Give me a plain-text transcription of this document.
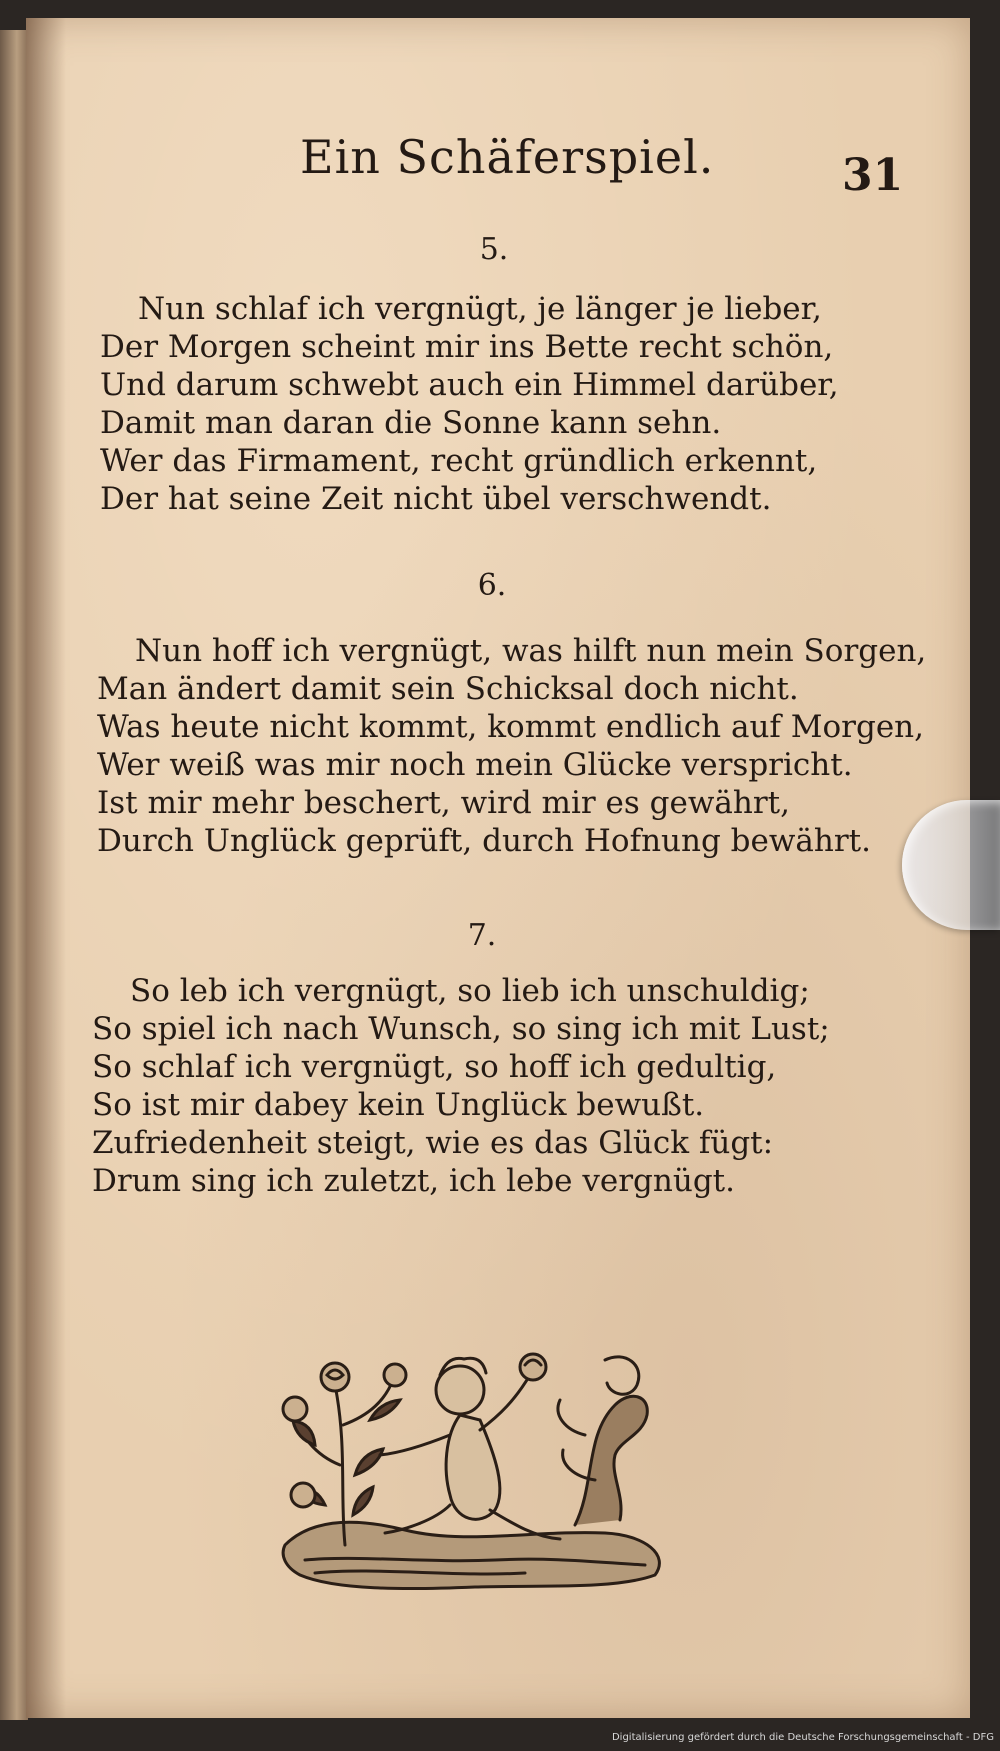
Ein Schäferspiel.	31
5.
Nun schlaf ich vergnügt, je länger je lieber,
Der Morgen scheint mir ins Bette recht schön,
Und darum schwebt auch ein Himmel darüber,
Damit man daran die Sonne kann sehn.
Wer das Firmament, recht gründlich erkennt,
Der hat seine Zeit nicht übel verschwendt.
6.
Nun hoff ich vergnügt, was hilft nun mein Sorgen,
Man ändert damit sein Schicksal doch nicht.
Was heute nicht kommt, kommt endlich auf Morgen,
Wer weiß was mir noch mein Glücke verspricht.
Ist mir mehr beschert, wird mir es gewährt,
Durch Unglück geprüft, durch Hofnung bewährt.
7.
So leb ich vergnügt, so lieb ich unschuldig;
So spiel ich nach Wunsch, so sing ich mit Lust;
So schlaf ich vergnügt, so hoff ich gedultig,
So ist mir dabey kein Unglück bewußt.
Zufriedenheit steigt, wie es das Glück fügt:
Drum sing ich zuletzt, ich lebe vergnügt.
Digitalisierung gefördert durch die Deutsche Forschungsgemeinschaft - DFG
